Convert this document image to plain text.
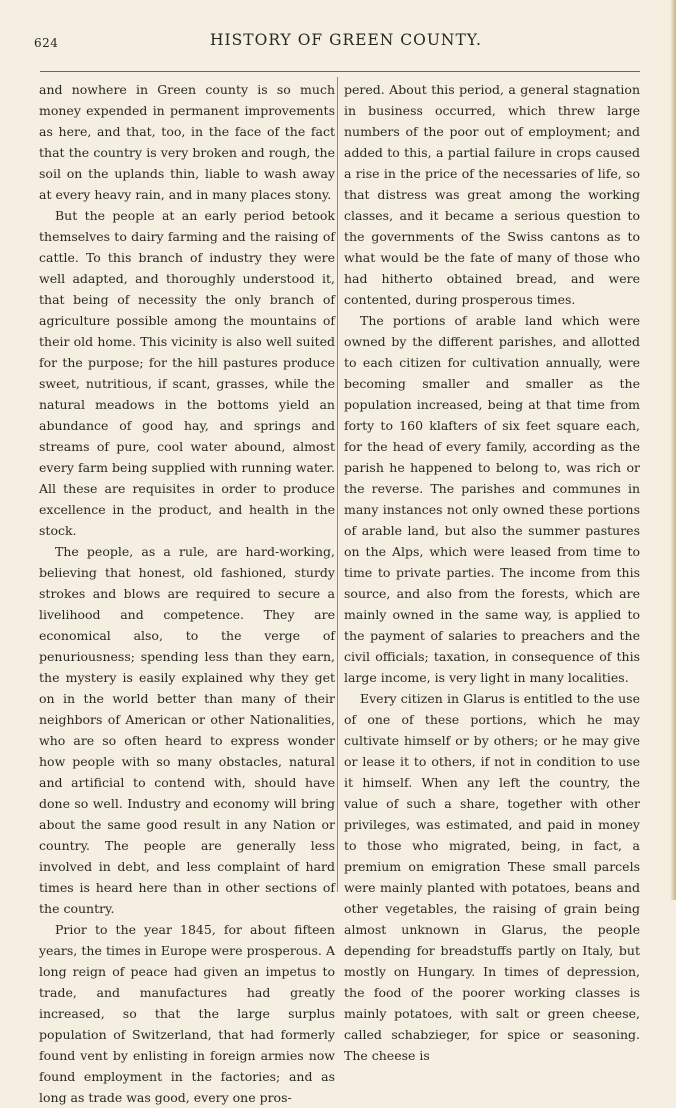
624	HISTORY OF GREEN COUNTY.

and nowhere in Green county is so much money expended in permanent improvements as here, and that, too, in the face of the fact that the country is very broken and rough, the soil on the uplands thin, liable to wash away at every heavy rain, and in many places stony.

But the people at an early period betook themselves to dairy farming and the raising of cattle. To this branch of industry they were well adapted, and thoroughly understood it, that being of necessity the only branch of agriculture possible among the mountains of their old home. This vicinity is also well suited for the purpose; for the hill pastures produce sweet, nutritious, if scant, grasses, while the natural meadows in the bottoms yield an abundance of good hay, and springs and streams of pure, cool water abound, almost every farm being supplied with running water. All these are requisites in order to produce excellence in the product, and health in the stock.

The people, as a rule, are hard-working, believing that honest, old fashioned, sturdy strokes and blows are required to secure a livelihood and competence. They are economical also, to the verge of penuriousness; spending less than they earn, the mystery is easily explained why they get on in the world better than many of their neighbors of American or other Nationalities, who are so often heard to express wonder how people with so many obstacles, natural and artificial to contend with, should have done so well. Industry and economy will bring about the same good result in any Nation or country. The people are generally less involved in debt, and less complaint of hard times is heard here than in other sections of the country.

Prior to the year 1845, for about fifteen years, the times in Europe were prosperous. A long reign of peace had given an impetus to trade, and manufactures had greatly increased, so that the large surplus population of Switzerland, that had formerly found vent by enlisting in foreign armies now found employment in the factories; and as long as trade was good, every one pros-

pered. About this period, a general stagnation in business occurred, which threw large numbers of the poor out of employment; and added to this, a partial failure in crops caused a rise in the price of the necessaries of life, so that distress was great among the working classes, and it became a serious question to the governments of the Swiss cantons as to what would be the fate of many of those who had hitherto obtained bread, and were contented, during prosperous times.

The portions of arable land which were owned by the different parishes, and allotted to each citizen for cultivation annually, were becoming smaller and smaller as the population increased, being at that time from forty to 160 klafters of six feet square each, for the head of every family, according as the parish he happened to belong to, was rich or the reverse. The parishes and communes in many instances not only owned these portions of arable land, but also the summer pastures on the Alps, which were leased from time to time to private parties. The income from this source, and also from the forests, which are mainly owned in the same way, is applied to the payment of salaries to preachers and the civil officials; taxation, in consequence of this large income, is very light in many localities.

Every citizen in Glarus is entitled to the use of one of these portions, which he may cultivate himself or by others; or he may give or lease it to others, if not in condition to use it himself. When any left the country, the value of such a share, together with other privileges, was estimated, and paid in money to those who migrated, being, in fact, a premium on emigration These small parcels were mainly planted with potatoes, beans and other vegetables, the raising of grain being almost unknown in Glarus, the people depending for breadstuffs partly on Italy, but mostly on Hungary. In times of depression, the food of the poorer working classes is mainly potatoes, with salt or green cheese, called schabzieger, for spice or seasoning. The cheese is
